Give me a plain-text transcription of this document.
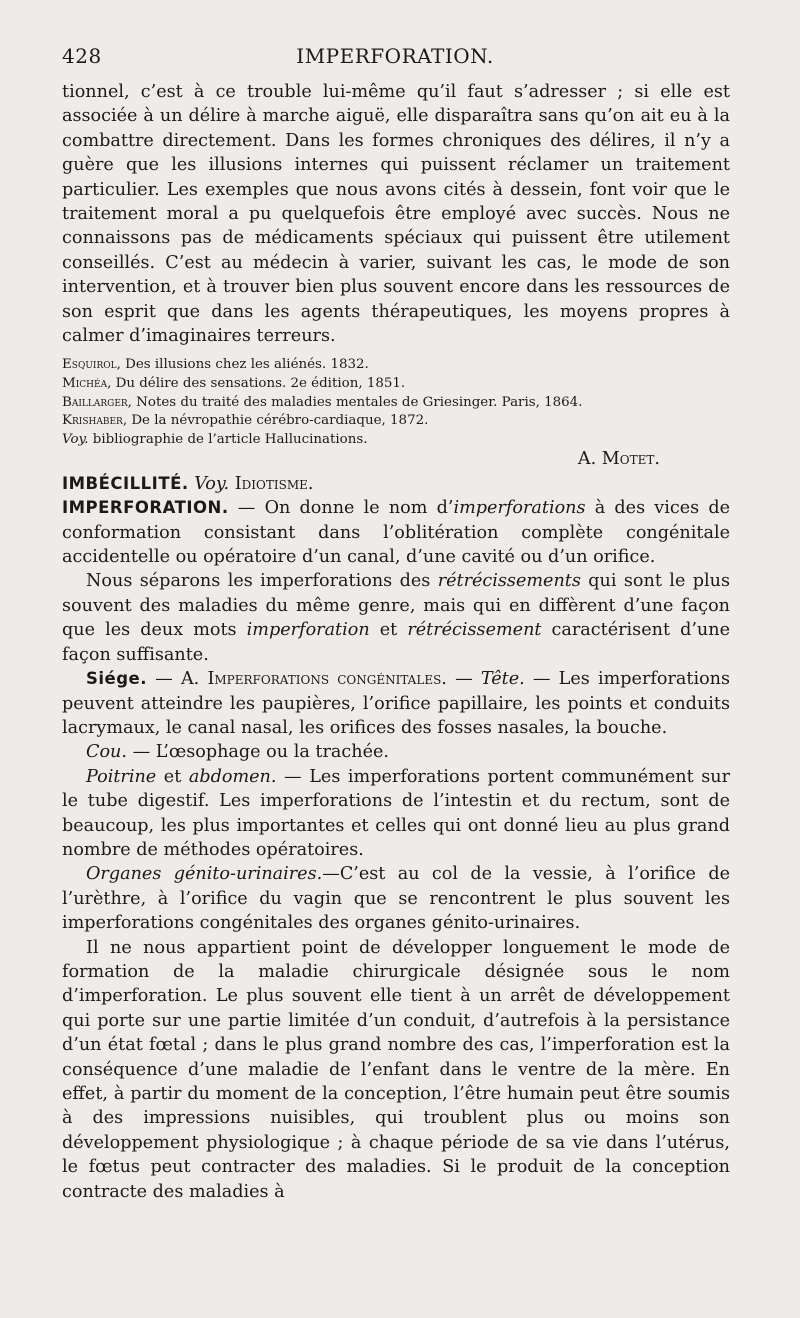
428	IMPERFORATION.

tionnel, c’est à ce trouble lui-même qu’il faut s’adresser ; si elle est associée à un délire à marche aiguë, elle disparaîtra sans qu’on ait eu à la combattre directement. Dans les formes chroniques des délires, il n’y a guère que les illusions internes qui puissent réclamer un traitement particulier. Les exemples que nous avons cités à dessein, font voir que le traitement moral a pu quelquefois être employé avec succès. Nous ne connaissons pas de médicaments spéciaux qui puissent être utilement conseillés. C’est au médecin à varier, suivant les cas, le mode de son intervention, et à trouver bien plus souvent encore dans les ressources de son esprit que dans les agents thérapeutiques, les moyens propres à calmer d’imaginaires terreurs.

Esquirol, Des illusions chez les aliénés. 1832.
Michéa, Du délire des sensations. 2e édition, 1851.
Baillarger, Notes du traité des maladies mentales de Griesinger. Paris, 1864.
Krishaber, De la névropathie cérébro-cardiaque, 1872.
Voy. bibliographie de l’article Hallucinations.
A. Motet.

IMBÉCILLITÉ. Voy. Idiotisme.

IMPERFORATION. — On donne le nom d’imperforations à des vices de conformation consistant dans l’oblitération complète congénitale accidentelle ou opératoire d’un canal, d’une cavité ou d’un orifice.

Nous séparons les imperforations des rétrécissements qui sont le plus souvent des maladies du même genre, mais qui en diffèrent d’une façon que les deux mots imperforation et rétrécissement caractérisent d’une façon suffisante.

Siége. — A. Imperforations congénitales. — Tête. — Les imperforations peuvent atteindre les paupières, l’orifice papillaire, les points et conduits lacrymaux, le canal nasal, les orifices des fosses nasales, la bouche.

Cou. — L’œsophage ou la trachée.

Poitrine et abdomen. — Les imperforations portent communément sur le tube digestif. Les imperforations de l’intestin et du rectum, sont de beaucoup, les plus importantes et celles qui ont donné lieu au plus grand nombre de méthodes opératoires.

Organes génito-urinaires.—C’est au col de la vessie, à l’orifice de l’urèthre, à l’orifice du vagin que se rencontrent le plus souvent les imperforations congénitales des organes génito-urinaires.

Il ne nous appartient point de développer longuement le mode de formation de la maladie chirurgicale désignée sous le nom d’imperforation. Le plus souvent elle tient à un arrêt de développement qui porte sur une partie limitée d’un conduit, d’autrefois à la persistance d’un état fœtal ; dans le plus grand nombre des cas, l’imperforation est la conséquence d’une maladie de l’enfant dans le ventre de la mère. En effet, à partir du moment de la conception, l’être humain peut être soumis à des impressions nuisibles, qui troublent plus ou moins son développement physiologique ; à chaque période de sa vie dans l’utérus, le fœtus peut contracter des maladies. Si le produit de la conception contracte des maladies à
